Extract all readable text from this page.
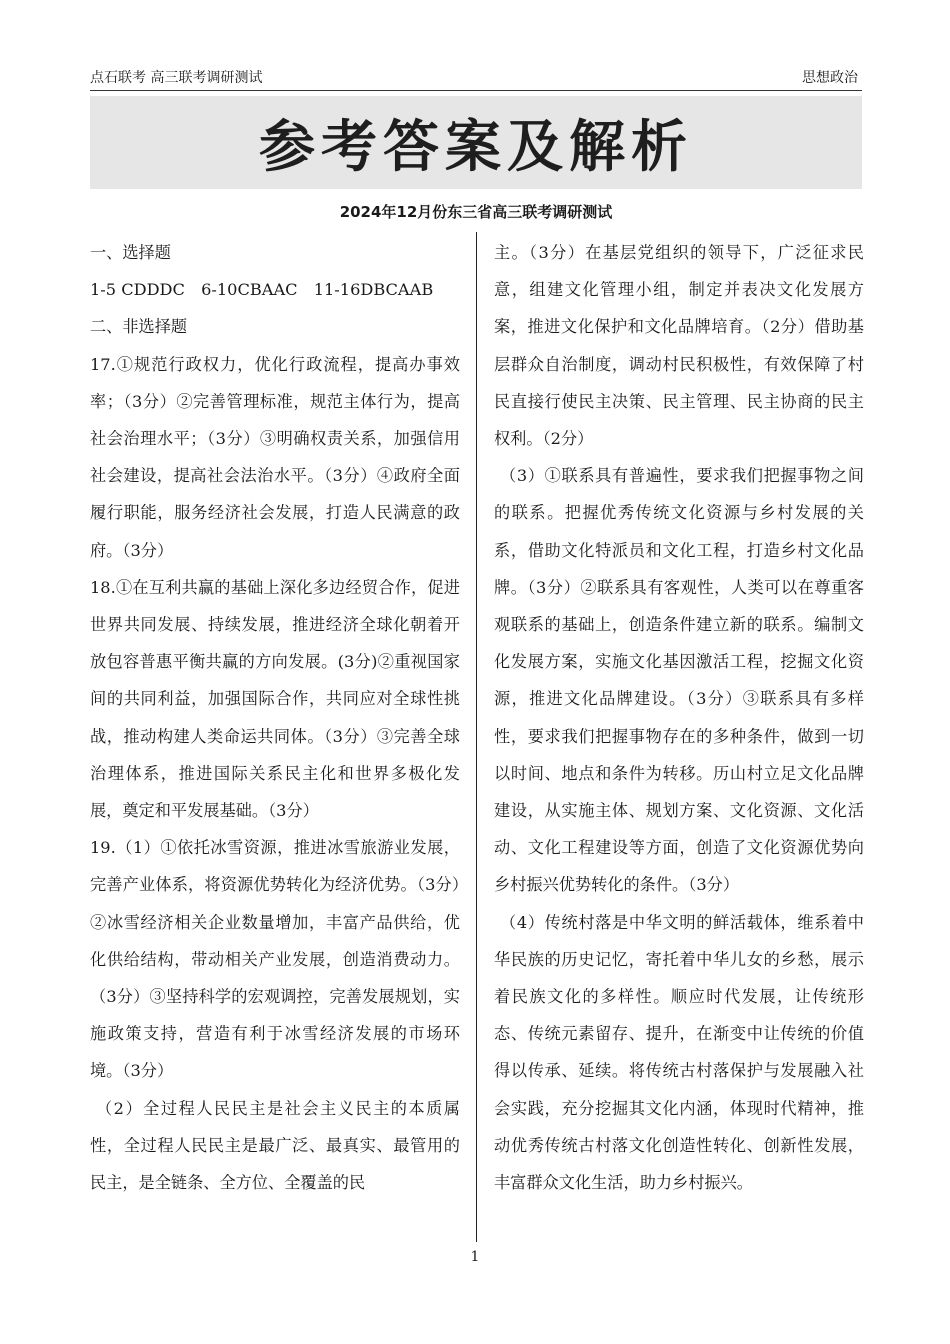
点石联考 高三联考调研测试	思想政治
参考答案及解析
2024年12月份东三省高三联考调研测试

一、选择题

1-5 CDDDC　6-10CBAAC　11-16DBCAAB

二、非选择题

17.①规范行政权力，优化行政流程，提高办事效率；（3分）②完善管理标准，规范主体行为，提高社会治理水平；（3分）③明确权责关系，加强信用社会建设，提高社会法治水平。（3分）④政府全面履行职能，服务经济社会发展，打造人民满意的政府。（3分）

18.①在互利共赢的基础上深化多边经贸合作，促进世界共同发展、持续发展，推进经济全球化朝着开放包容普惠平衡共赢的方向发展。(3分)②重视国家间的共同利益，加强国际合作，共同应对全球性挑战，推动构建人类命运共同体。（3分）③完善全球治理体系，推进国际关系民主化和世界多极化发展，奠定和平发展基础。（3分）

19.（1）①依托冰雪资源，推进冰雪旅游业发展，完善产业体系，将资源优势转化为经济优势。（3分）②冰雪经济相关企业数量增加，丰富产品供给，优化供给结构，带动相关产业发展，创造消费动力。（3分）③坚持科学的宏观调控，完善发展规划，实施政策支持，营造有利于冰雪经济发展的市场环境。（3分）

（2）全过程人民民主是社会主义民主的本质属性，全过程人民民主是最广泛、最真实、最管用的民主，是全链条、全方位、全覆盖的民

主。（3分）在基层党组织的领导下，广泛征求民意，组建文化管理小组，制定并表决文化发展方案，推进文化保护和文化品牌培育。（2分）借助基层群众自治制度，调动村民积极性，有效保障了村民直接行使民主决策、民主管理、民主协商的民主权利。（2分）

（3）①联系具有普遍性，要求我们把握事物之间的联系。把握优秀传统文化资源与乡村发展的关系，借助文化特派员和文化工程，打造乡村文化品牌。（3分）②联系具有客观性，人类可以在尊重客观联系的基础上，创造条件建立新的联系。编制文化发展方案，实施文化基因激活工程，挖掘文化资源，推进文化品牌建设。（3分）③联系具有多样性，要求我们把握事物存在的多种条件，做到一切以时间、地点和条件为转移。历山村立足文化品牌建设，从实施主体、规划方案、文化资源、文化活动、文化工程建设等方面，创造了文化资源优势向乡村振兴优势转化的条件。（3分）

（4）传统村落是中华文明的鲜活载体，维系着中华民族的历史记忆，寄托着中华儿女的乡愁，展示着民族文化的多样性。顺应时代发展，让传统形态、传统元素留存、提升，在渐变中让传统的价值得以传承、延续。将传统古村落保护与发展融入社会实践，充分挖掘其文化内涵，体现时代精神，推动优秀传统古村落文化创造性转化、创新性发展，丰富群众文化生活，助力乡村振兴。

1
